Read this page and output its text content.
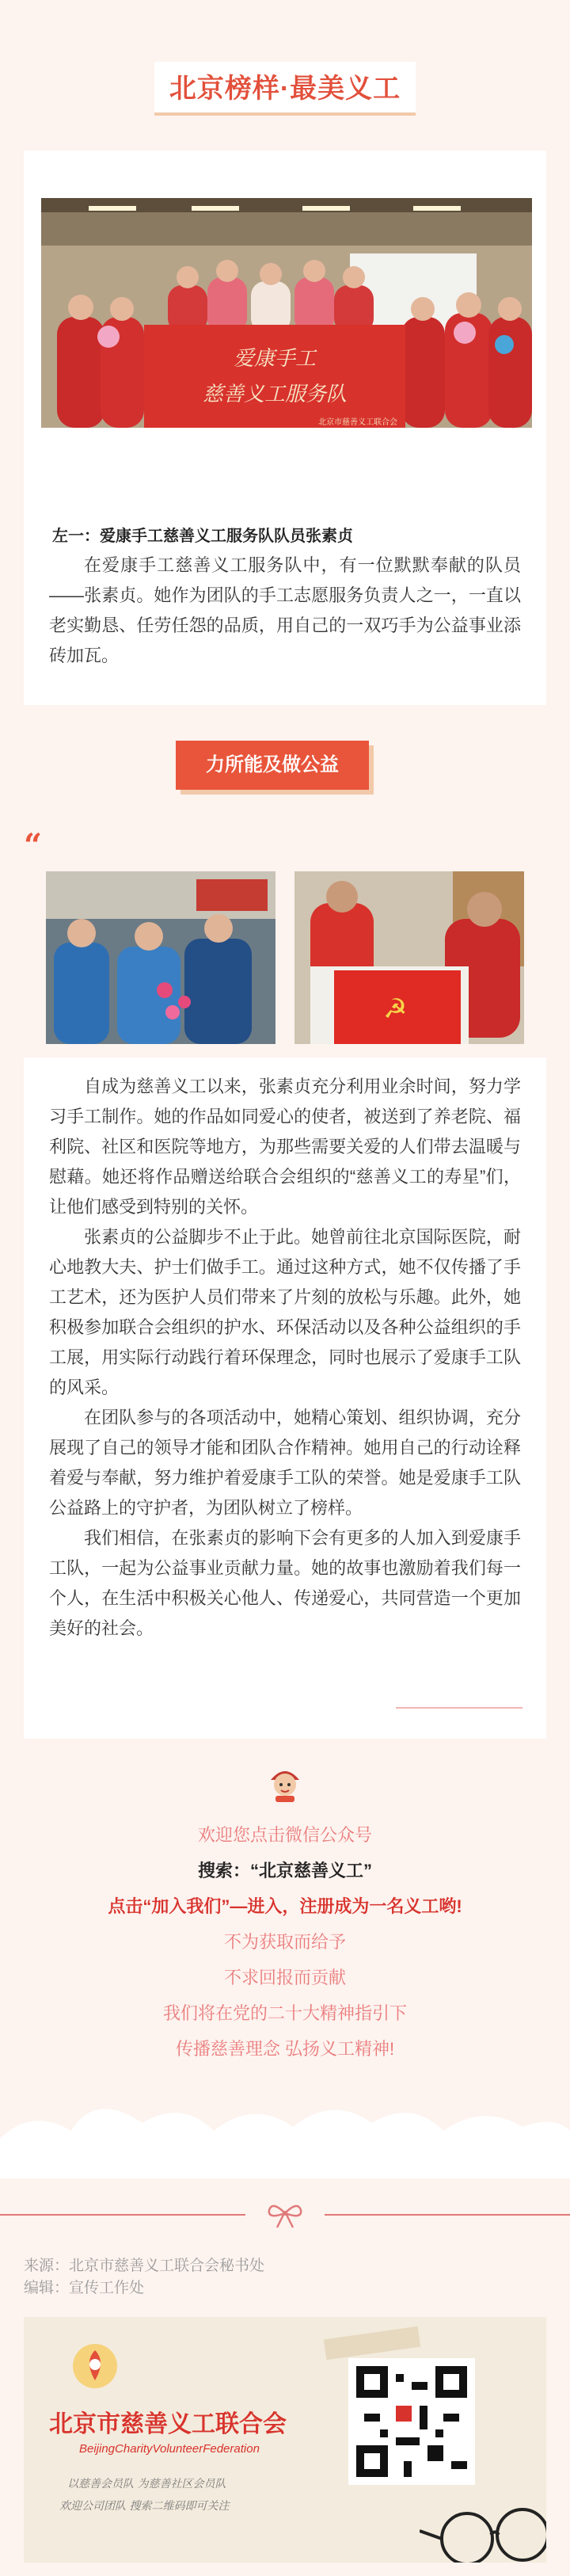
北京榜样·最美义工
爱康手工
慈善义工服务队
北京市慈善义工联合会
左一：爱康手工慈善义工服务队队员张素贞
在爱康手工慈善义工服务队中，有一位默默奉献的队员——张素贞。她作为团队的手工志愿服务负责人之一，一直以老实勤恳、任劳任怨的品质，用自己的一双巧手为公益事业添砖加瓦。
力所能及做公益
“
☭

自成为慈善义工以来，张素贞充分利用业余时间，努力学习手工制作。她的作品如同爱心的使者，被送到了养老院、福利院、社区和医院等地方，为那些需要关爱的人们带去温暖与慰藉。她还将作品赠送给联合会组织的“慈善义工的寿星”们，让他们感受到特别的关怀。

张素贞的公益脚步不止于此。她曾前往北京国际医院，耐心地教大夫、护士们做手工。通过这种方式，她不仅传播了手工艺术，还为医护人员们带来了片刻的放松与乐趣。此外，她积极参加联合会组织的护水、环保活动以及各种公益组织的手工展，用实际行动践行着环保理念，同时也展示了爱康手工队的风采。

在团队参与的各项活动中，她精心策划、组织协调，充分展现了自己的领导才能和团队合作精神。她用自己的行动诠释着爱与奉献，努力维护着爱康手工队的荣誉。她是爱康手工队公益路上的守护者，为团队树立了榜样。

我们相信，在张素贞的影响下会有更多的人加入到爱康手工队，一起为公益事业贡献力量。她的故事也激励着我们每一个人，在生活中积极关心他人、传递爱心，共同营造一个更加美好的社会。

欢迎您点击微信公众号
搜索：“北京慈善义工”
点击“加入我们”—进入，注册成为一名义工哟!
不为获取而给予
不求回报而贡献
我们将在党的二十大精神指引下
传播慈善理念 弘扬义工精神!
来源：北京市慈善义工联合会秘书处
编辑：宣传工作处
北京市慈善义工联合会
BeijingCharityVolunteerFederation
以慈善会员队 为慈善社区会员队
欢迎公司团队 搜索二维码即可关注
